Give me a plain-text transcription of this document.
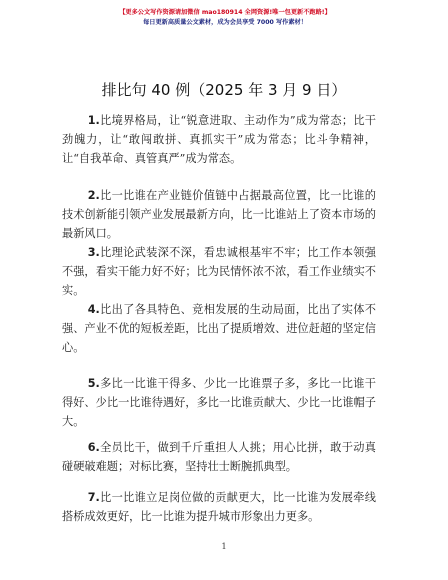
【更多公文写作资源请加微信 mao180914 全网资源!唯一包更新不跑路!】
每日更新高质量公文素材，成为会员享受 7000 写作素材！
排比句 40 例（2025 年 3 月 9 日）
1.比境界格局，让“锐意进取、主动作为”成为常态；比干劲魄力，让“敢闯敢拼、真抓实干”成为常态；比斗争精神，让“自我革命、真管真严”成为常态。
2.比一比谁在产业链价值链中占据最高位置，比一比谁的技术创新能引领产业发展最新方向，比一比谁站上了资本市场的最新风口。
3.比理论武装深不深，看忠诚根基牢不牢；比工作本领强不强，看实干能力好不好；比为民情怀浓不浓，看工作业绩实不实。
4.比出了各具特色、竞相发展的生动局面，比出了实体不强、产业不优的短板差距，比出了提质增效、进位赶超的坚定信心。
5.多比一比谁干得多、少比一比谁票子多，多比一比谁干得好、少比一比谁待遇好，多比一比谁贡献大、少比一比谁帽子大。
6.全员比干，做到千斤重担人人挑；用心比拼，敢于动真碰硬破难题；对标比赛，坚持壮士断腕抓典型。
7.比一比谁立足岗位做的贡献更大，比一比谁为发展牵线搭桥成效更好，比一比谁为提升城市形象出力更多。
1
